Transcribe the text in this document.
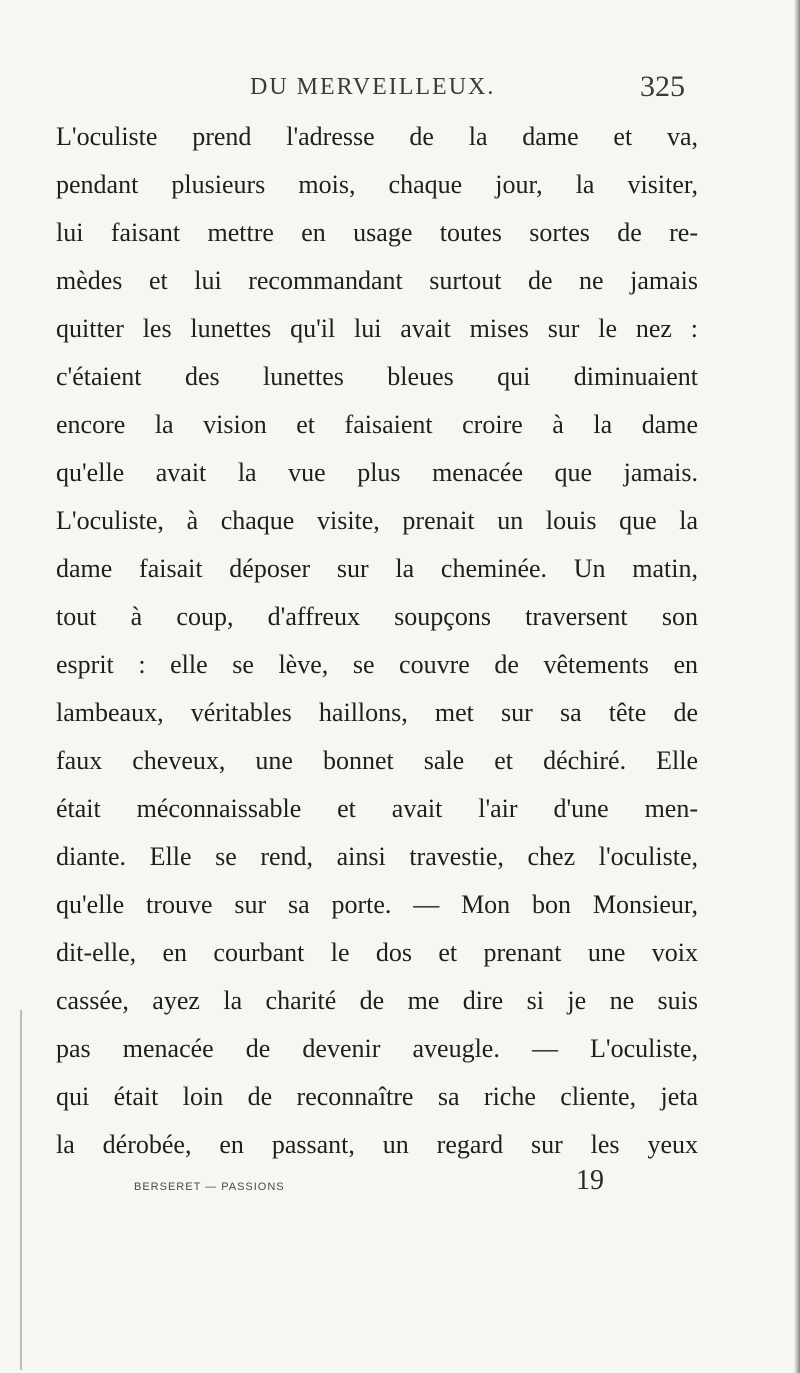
DU MERVEILLEUX.	325
L'oculiste prend l'adresse de la dame et va,
pendant plusieurs mois, chaque jour, la visiter,
lui faisant mettre en usage toutes sortes de re-
mèdes et lui recommandant surtout de ne jamais
quitter les lunettes qu'il lui avait mises sur le nez :
c'étaient des lunettes bleues qui diminuaient
encore la vision et faisaient croire à la dame
qu'elle avait la vue plus menacée que jamais.
L'oculiste, à chaque visite, prenait un louis que la
dame faisait déposer sur la cheminée. Un matin,
tout à coup, d'affreux soupçons traversent son
esprit : elle se lève, se couvre de vêtements en
lambeaux, véritables haillons, met sur sa tête de
faux cheveux, une bonnet sale et déchiré. Elle
était méconnaissable et avait l'air d'une men-
diante. Elle se rend, ainsi travestie, chez l'oculiste,
qu'elle trouve sur sa porte. — Mon bon Monsieur,
dit-elle, en courbant le dos et prenant une voix
cassée, ayez la charité de me dire si je ne suis
pas menacée de devenir aveugle. — L'oculiste,
qui était loin de reconnaître sa riche cliente, jeta
la dérobée, en passant, un regard sur les yeux
BERSERET — PASSIONS	19
